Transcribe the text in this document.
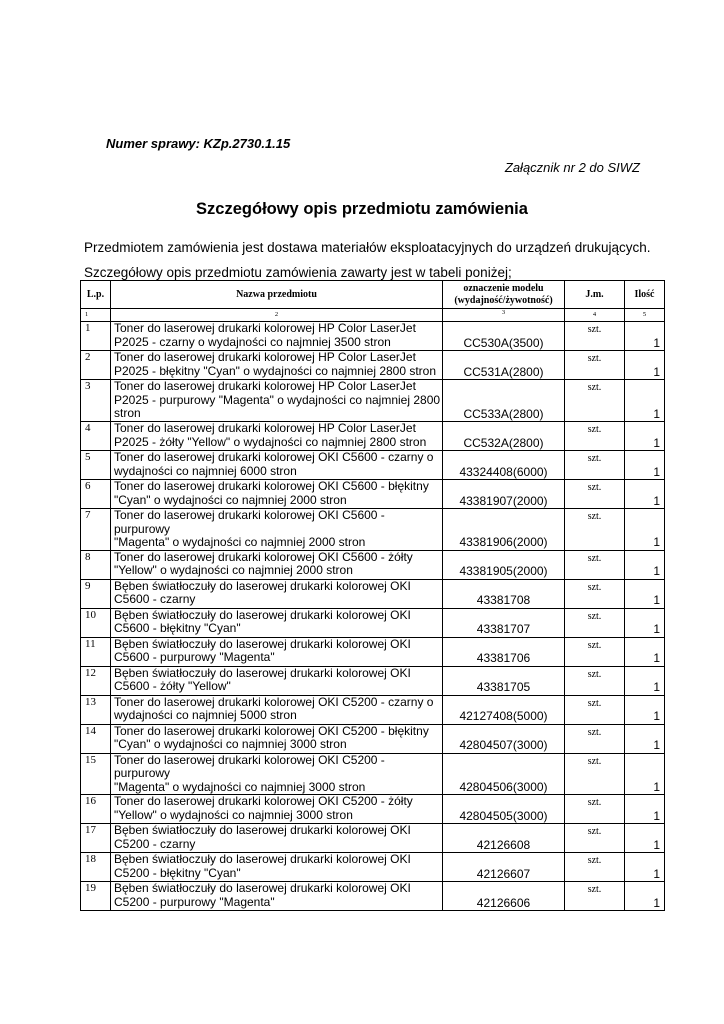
Numer sprawy: KZp.2730.1.15
Załącznik nr 2 do SIWZ
Szczegółowy opis przedmiotu zamówienia
Przedmiotem zamówienia jest dostawa materiałów eksploatacyjnych do urządzeń drukujących.
Szczegółowy opis przedmiotu zamówienia zawarty jest w tabeli poniżej;
L.p.	Nazwa przedmiotu	oznaczenie modelu
(wydajność/żywotność)	J.m.	Ilość
1	2	3	4	5
1	Toner do laserowej drukarki kolorowej HP Color LaserJet
P2025 - czarny o wydajności co najmniej 3500 stron	CC530A(3500)	szt.	1
2	Toner do laserowej drukarki kolorowej HP Color LaserJet
P2025 - błękitny "Cyan" o wydajności co najmniej 2800 stron	CC531A(2800)	szt.	1
3	Toner do laserowej drukarki kolorowej HP Color LaserJet
P2025 - purpurowy "Magenta" o wydajności co najmniej 2800
stron	CC533A(2800)	szt.	1
4	Toner do laserowej drukarki kolorowej HP Color LaserJet
P2025 - żółty "Yellow" o wydajności co najmniej 2800 stron	CC532A(2800)	szt.	1
5	Toner do laserowej drukarki kolorowej OKI C5600 - czarny o
wydajności co najmniej 6000 stron	43324408(6000)	szt.	1
6	Toner do laserowej drukarki kolorowej OKI C5600 - błękitny
"Cyan" o wydajności co najmniej 2000 stron	43381907(2000)	szt.	1
7	Toner do laserowej drukarki kolorowej OKI C5600 - purpurowy
"Magenta" o wydajności co najmniej 2000 stron	43381906(2000)	szt.	1
8	Toner do laserowej drukarki kolorowej OKI C5600 - żółty
"Yellow" o wydajności co najmniej 2000 stron	43381905(2000)	szt.	1
9	Bęben światłoczuły do laserowej drukarki kolorowej OKI
C5600 - czarny	43381708	szt.	1
10	Bęben światłoczuły do laserowej drukarki kolorowej OKI
C5600 - błękitny "Cyan"	43381707	szt.	1
11	Bęben światłoczuły do laserowej drukarki kolorowej OKI
C5600 - purpurowy "Magenta"	43381706	szt.	1
12	Bęben światłoczuły do laserowej drukarki kolorowej OKI
C5600 - żółty "Yellow"	43381705	szt.	1
13	Toner do laserowej drukarki kolorowej OKI C5200 - czarny o
wydajności co najmniej 5000 stron	42127408(5000)	szt.	1
14	Toner do laserowej drukarki kolorowej OKI C5200 - błękitny
"Cyan" o wydajności co najmniej 3000 stron	42804507(3000)	szt.	1
15	Toner do laserowej drukarki kolorowej OKI C5200 - purpurowy
"Magenta" o wydajności co najmniej 3000 stron	42804506(3000)	szt.	1
16	Toner do laserowej drukarki kolorowej OKI C5200 - żółty
"Yellow" o wydajności co najmniej 3000 stron	42804505(3000)	szt.	1
17	Bęben światłoczuły do laserowej drukarki kolorowej OKI
C5200 - czarny	42126608	szt.	1
18	Bęben światłoczuły do laserowej drukarki kolorowej OKI
C5200 - błękitny "Cyan"	42126607	szt.	1
19	Bęben światłoczuły do laserowej drukarki kolorowej OKI
C5200 - purpurowy "Magenta"	42126606	szt.	1
